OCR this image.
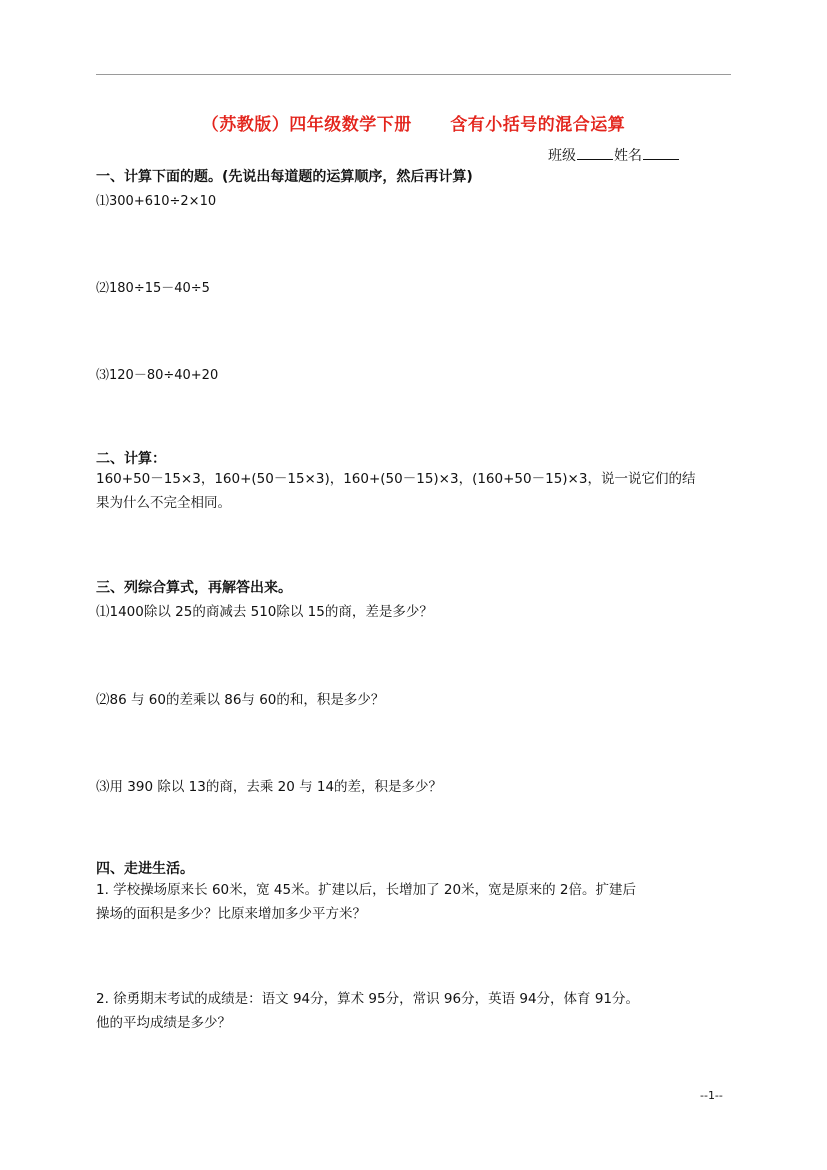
（苏教版）四年级数学下册      含有小括号的混合运算
班级	姓名
一、计算下面的题。(先说出每道题的运算顺序，然后再计算)
⑴300+610÷2×10
⑵180÷15－40÷5
⑶120－80÷40+20
二、计算：
160+50－15×3，160+(50－15×3)，160+(50－15)×3，(160+50－15)×3，说一说它们的结
果为什么不完全相同。
三、列综合算式，再解答出来。
⑴1400除以 25的商减去 510除以 15的商，差是多少？
⑵86 与 60的差乘以 86与 60的和，积是多少？
⑶用 390 除以 13的商，去乘 20 与 14的差，积是多少？
四、走进生活。
1. 学校操场原来长 60米，宽 45米。扩建以后，长增加了 20米，宽是原来的 2倍。扩建后
操场的面积是多少？比原来增加多少平方米？
2. 徐勇期末考试的成绩是：语文 94分，算术 95分，常识 96分，英语 94分，体育 91分。
他的平均成绩是多少？
--1--
